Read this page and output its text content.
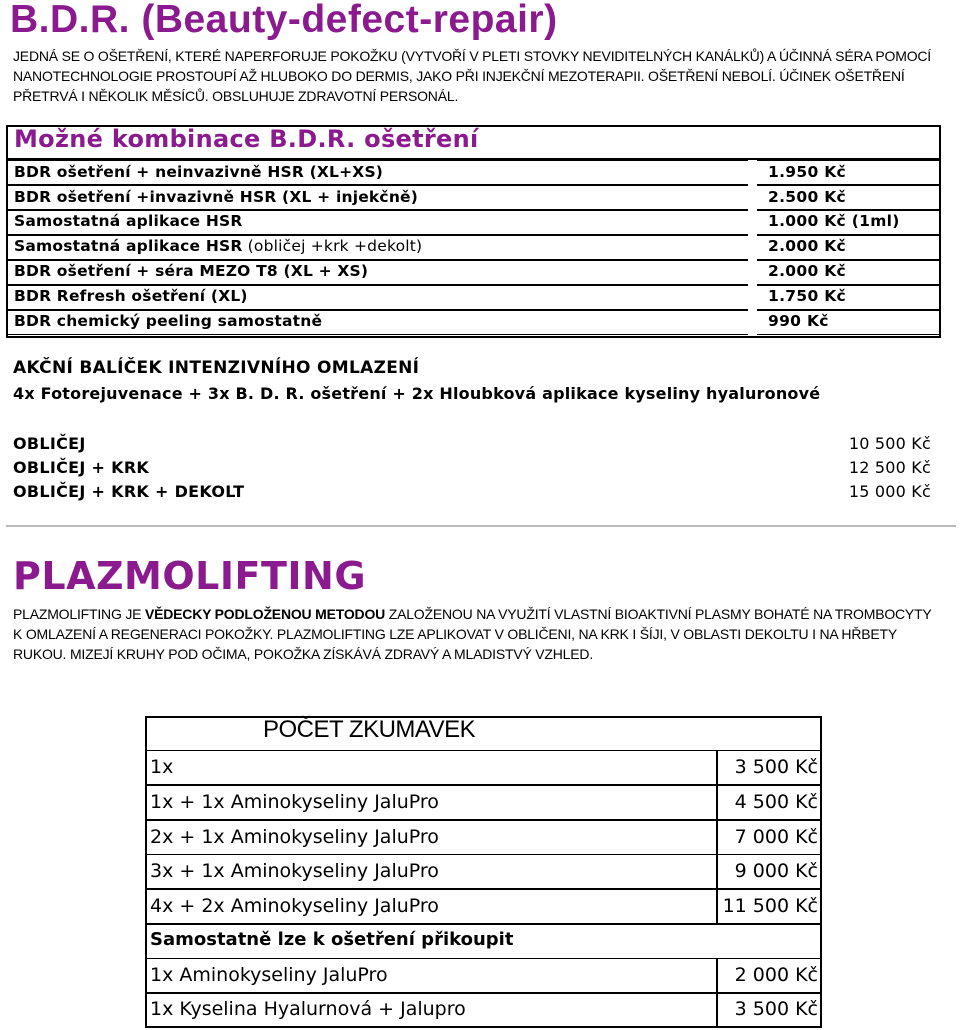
B.D.R. (Beauty-defect-repair)
JEDNÁ SE O OŠETŘENÍ, KTERÉ NAPERFORUJE POKOŽKU (VYTVOŘÍ V PLETI STOVKY NEVIDITELNÝCH KANÁLKŮ) A ÚČINNÁ SÉRA POMOCÍ NANOTECHNOLOGIE PROSTOUPÍ AŽ HLUBOKO DO DERMIS, JAKO PŘI INJEKČNÍ MEZOTERAPII. OŠETŘENÍ NEBOLÍ. ÚČINEK OŠETŘENÍ PŘETRVÁ I NĚKOLIK MĚSÍCŮ. OBSLUHUJE ZDRAVOTNÍ PERSONÁL.
Možné kombinace B.D.R. ošetření
BDR ošetření + neinvazivně HSR (XL+XS)	1.950 Kč
BDR ošetření +invazivně HSR (XL + injekčně)	2.500 Kč
Samostatná aplikace HSR	1.000 Kč (1ml)
Samostatná aplikace HSR (obličej +krk +dekolt)	2.000 Kč
BDR ošetření + séra MEZO T8 (XL + XS)	2.000 Kč
BDR Refresh ošetření (XL)	1.750 Kč
BDR chemický peeling samostatně	990 Kč
AKČNÍ BALÍČEK INTENZIVNÍHO OMLAZENÍ
4x Fotorejuvenace + 3x B. D. R. ošetření + 2x Hloubková aplikace kyseliny hyaluronové
OBLIČEJ	10 500 Kč
OBLIČEJ + KRK	12 500 Kč
OBLIČEJ + KRK + DEKOLT	15 000 Kč
PLAZMOLIFTING
PLAZMOLIFTING JE VĚDECKY PODLOŽENOU METODOU ZALOŽENOU NA VYUŽITÍ VLASTNÍ BIOAKTIVNÍ PLASMY BOHATÉ NA TROMBOCYTY K OMLAZENÍ A REGENERACI POKOŽKY. PLAZMOLIFTING LZE APLIKOVAT V OBLIČENI, NA KRK I ŠÍJI, V OBLASTI DEKOLTU I NA HŘBETY RUKOU. MIZEJÍ KRUHY POD OČIMA, POKOŽKA ZÍSKÁVÁ ZDRAVÝ A MLADISTVÝ VZHLED.
POČET ZKUMAVEK
1x	3 500 Kč
1x + 1x Aminokyseliny JaluPro	4 500 Kč
2x + 1x Aminokyseliny JaluPro	7 000 Kč
3x + 1x Aminokyseliny JaluPro	9 000 Kč
4x + 2x Aminokyseliny JaluPro	11 500 Kč
Samostatně lze k ošetření přikoupit
1x Aminokyseliny JaluPro	2 000 Kč
1x Kyselina Hyalurnová + Jalupro	3 500 Kč
